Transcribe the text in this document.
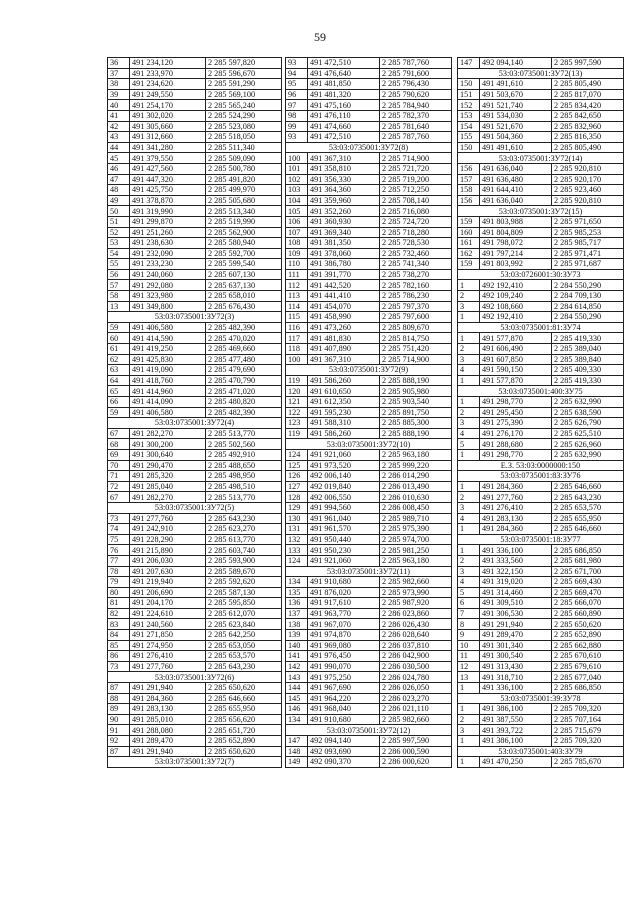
59
36	491 234,120	2 285 597,820
37	491 233,970	2 285 596,670
38	491 234,620	2 285 591,290
39	491 249,550	2 285 569,100
40	491 254,170	2 285 565,240
41	491 302,020	2 285 524,290
42	491 305,660	2 285 523,080
43	491 312,660	2 285 518,050
44	491 341,280	2 285 511,340
45	491 379,550	2 285 509,090
46	491 427,560	2 285 500,780
47	491 447,320	2 285 491,820
48	491 425,750	2 285 499,970
49	491 378,870	2 285 505,680
50	491 319,990	2 285 513,340
51	491 299,870	2 285 519,990
52	491 251,260	2 285 562,900
53	491 238,630	2 285 580,940
54	491 232,090	2 285 592,700
55	491 233,230	2 285 599,540
56	491 240,060	2 285 607,130
57	491 292,080	2 285 637,130
58	491 323,980	2 285 658,010
13	491 349,800	2 285 676,430
53:03:0735001:ЗУ72(3)		
59	491 406,580	2 285 482,390
60	491 414,590	2 285 470,020
61	491 419,250	2 285 469,660
62	491 425,830	2 285 477,480
63	491 419,090	2 285 479,690
64	491 418,760	2 285 470,790
65	491 414,960	2 285 471,020
66	491 414,090	2 285 480,820
59	491 406,580	2 285 482,390
53:03:0735001:ЗУ72(4)		
67	491 282,270	2 285 513,770
68	491 300,200	2 285 502,560
69	491 300,640	2 285 492,910
70	491 290,470	2 285 488,650
71	491 285,320	2 285 498,950
72	491 285,040	2 285 498,510
67	491 282,270	2 285 513,770
53:03:0735001:ЗУ72(5)		
73	491 277,760	2 285 643,230
74	491 242,910	2 285 623,270
75	491 228,290	2 285 613,770
76	491 215,890	2 285 603,740
77	491 206,030	2 285 593,900
78	491 207,630	2 285 589,670
79	491 219,940	2 285 592,620
80	491 206,690	2 285 587,130
81	491 204,170	2 285 595,850
82	491 224,610	2 285 612,070
83	491 240,560	2 285 623,840
84	491 271,850	2 285 642,250
85	491 274,950	2 285 653,050
86	491 276,410	2 285 653,570
73	491 277,760	2 285 643,230
53:03:0735001:ЗУ72(6)		
87	491 291,940	2 285 650,620
88	491 284,360	2 285 646,660
89	491 283,130	2 285 655,950
90	491 285,010	2 285 656,620
91	491 288,080	2 285 651,720
92	491 289,470	2 285 652,890
87	491 291,940	2 285 650,620
53:03:0735001:ЗУ72(7)		
93	491 472,510	2 285 787,760
94	491 476,640	2 285 791,600
95	491 481,850	2 285 796,430
96	491 481,320	2 285 790,620
97	491 475,160	2 285 784,940
98	491 476,110	2 285 782,370
99	491 474,660	2 285 781,640
93	491 472,510	2 285 787,760
53:03:0735001:ЗУ72(8)		
100	491 367,310	2 285 714,900
101	491 358,810	2 285 721,720
102	491 356,330	2 285 719,200
103	491 364,360	2 285 712,250
104	491 359,960	2 285 708,140
105	491 352,260	2 285 716,080
106	491 360,930	2 285 724,720
107	491 369,340	2 285 718,280
108	491 381,350	2 285 728,530
109	491 378,060	2 285 732,460
110	491 386,780	2 285 741,340
111	491 391,770	2 285 738,270
112	491 442,520	2 285 782,160
113	491 441,410	2 285 786,230
114	491 454,070	2 285 797,370
115	491 458,990	2 285 797,600
116	491 473,260	2 285 809,670
117	491 481,830	2 285 814,750
118	491 407,890	2 285 751,420
100	491 367,310	2 285 714,900
53:03:0735001:ЗУ72(9)		
119	491 586,260	2 285 888,190
120	491 610,650	2 285 905,980
121	491 612,350	2 285 903,540
122	491 595,230	2 285 891,750
123	491 588,310	2 285 885,300
119	491 586,260	2 285 888,190
53:03:0735001:ЗУ72(10)		
124	491 921,060	2 285 963,180
125	491 973,520	2 285 999,220
126	492 006,140	2 286 014,290
127	492 019,840	2 286 013,490
128	492 006,550	2 286 010,630
129	491 994,560	2 286 008,450
130	491 961,040	2 285 989,710
131	491 961,570	2 285 975,390
132	491 950,440	2 285 974,700
133	491 950,230	2 285 981,250
124	491 921,060	2 285 963,180
53:03:0735001:ЗУ72(11)		
134	491 910,680	2 285 982,660
135	491 876,020	2 285 973,990
136	491 917,610	2 285 987,920
137	491 963,770	2 286 023,860
138	491 967,070	2 286 026,430
139	491 974,870	2 286 028,640
140	491 969,080	2 286 037,810
141	491 976,450	2 286 042,900
142	491 990,070	2 286 030,500
143	491 975,250	2 286 024,780
144	491 967,690	2 286 026,050
145	491 964,220	2 286 023,270
146	491 968,040	2 286 021,110
134	491 910,680	2 285 982,660
53:03:0735001:ЗУ72(12)		
147	492 094,140	2 285 997,590
148	492 093,690	2 286 000,590
149	492 090,370	2 286 000,620
147	492 094,140	2 285 997,590
53:03:0735001:ЗУ72(13)		
150	491 491,610	2 285 805,490
151	491 503,670	2 285 817,070
152	491 521,740	2 285 834,420
153	491 534,030	2 285 842,650
154	491 521,670	2 285 832,960
155	491 504,360	2 285 816,350
150	491 491,610	2 285 805,490
53:03:0735001:ЗУ72(14)		
156	491 636,040	2 285 920,810
157	491 636,480	2 285 920,170
158	491 644,410	2 285 923,460
156	491 636,040	2 285 920,810
53:03:0735001:ЗУ72(15)		
159	491 803,988	2 285 971,650
160	491 804,809	2 285 985,253
161	491 798,072	2 285 985,717
162	491 797,214	2 285 971,471
159	491 803,992	2 285 971,687
53:03:0726001:30:ЗУ73		
1	492 192,410	2 284 550,290
2	492 109,240	2 284 709,130
3	492 108,660	2 284 614,850
1	492 192,410	2 284 550,290
53:03:0735001:81:ЗУ74		
1	491 577,870	2 285 419,330
2	491 606,490	2 285 389,040
3	491 607,850	2 285 389,840
4	491 590,150	2 285 409,330
1	491 577,870	2 285 419,330
53:03:0735001:400:ЗУ75		
1	491 298,770	2 285 632,990
2	491 295,450	2 285 638,590
3	491 275,390	2 285 626,790
4	491 276,170	2 285 625,510
5	491 288,680	2 285 626,960
1	491 298,770	2 285 632,990
Е.З. 53:03:0000000:150		
53:03:0735001:83:ЗУ76		
1	491 284,360	2 285 646,660
2	491 277,760	2 285 643,230
3	491 276,410	2 285 653,570
4	491 283,130	2 285 655,950
1	491 284,360	2 285 646,660
53:03:0735001:18:ЗУ77		
1	491 336,100	2 285 686,850
2	491 333,560	2 285 681,980
3	491 322,150	2 285 671,700
4	491 319,020	2 285 669,430
5	491 314,460	2 285 669,470
6	491 309,510	2 285 666,070
7	491 306,530	2 285 660,890
8	491 291,940	2 285 650,620
9	491 289,470	2 285 652,890
10	491 301,340	2 285 662,880
11	491 300,540	2 285 670,610
12	491 313,430	2 285 679,610
13	491 318,710	2 285 677,040
1	491 336,100	2 285 686,850
53:03:0735001:39:ЗУ78		
1	491 386,100	2 285 709,320
2	491 387,550	2 285 707,164
3	491 393,722	2 285 715,679
1	491 386,100	2 285 709,320
53:03:0735001:403:ЗУ79		
1	491 470,250	2 285 785,670
